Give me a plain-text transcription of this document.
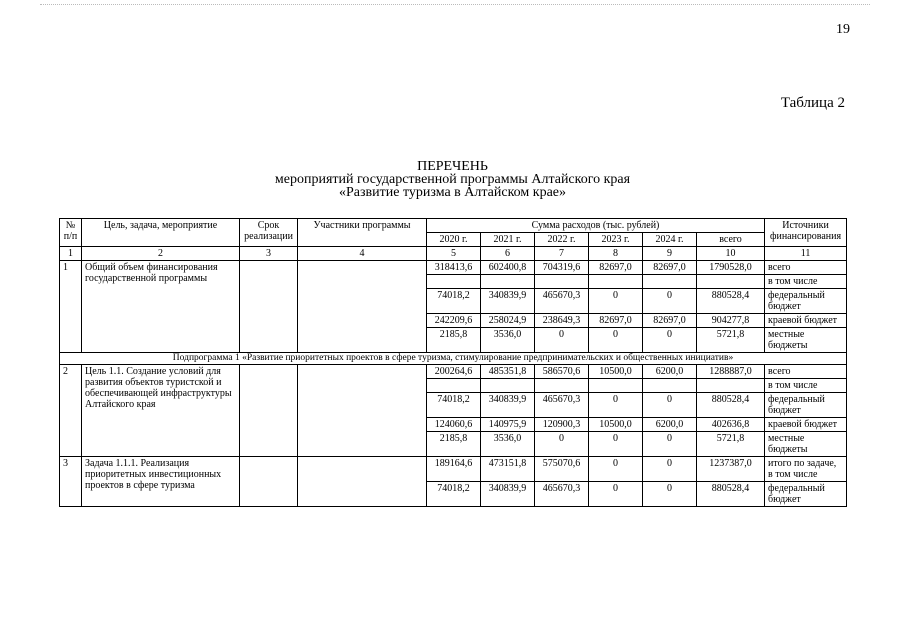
19
Таблица 2
ПЕРЕЧЕНЬ
мероприятий государственной программы Алтайского края
«Развитие туризма в Алтайском крае»
№ п/п	Цель, задача, мероприятие	Срок реализации	Участники программы	Сумма расходов (тыс. рублей)						Источники финансирования
				2020 г.	2021 г.	2022 г.	2023 г.	2024 г.	всего	
1	2	3	4	5	6	7	8	9	10	11
1	Общий объем финансирования государственной программы			318413,6	602400,8	704319,6	82697,0	82697,0	1790528,0	всего
										в том числе
				74018,2	340839,9	465670,3	0	0	880528,4	федеральный бюджет
				242209,6	258024,9	238649,3	82697,0	82697,0	904277,8	краевой бюджет
				2185,8	3536,0	0	0	0	5721,8	местные бюджеты
Подпрограмма 1 «Развитие приоритетных проектов в сфере туризма, стимулирование предпринимательских и общественных инициатив»										
2	Цель 1.1. Создание условий для развития объектов туристской и обеспечивающей инфраструктуры Алтайского края			200264,6	485351,8	586570,6	10500,0	6200,0	1288887,0	всего
										в том числе
				74018,2	340839,9	465670,3	0	0	880528,4	федеральный бюджет
				124060,6	140975,9	120900,3	10500,0	6200,0	402636,8	краевой бюджет
				2185,8	3536,0	0	0	0	5721,8	местные бюджеты
3	Задача 1.1.1. Реализация приоритетных инвестиционных проектов в сфере туризма			189164,6	473151,8	575070,6	0	0	1237387,0	итого по задаче, в том числе
				74018,2	340839,9	465670,3	0	0	880528,4	федеральный бюджет
